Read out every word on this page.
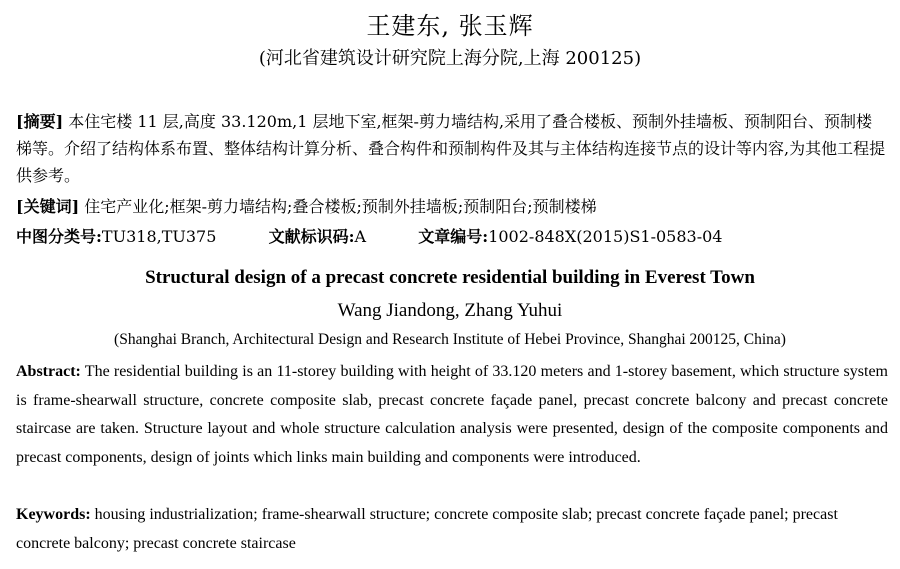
王建东, 张玉辉
(河北省建筑设计研究院上海分院,上海 200125)
[摘要] 本住宅楼 11 层,高度 33.120m,1 层地下室,框架-剪力墙结构,采用了叠合楼板、预制外挂墙板、预制阳台、预制楼梯等。介绍了结构体系布置、整体结构计算分析、叠合构件和预制构件及其与主体结构连接节点的设计等内容,为其他工程提供参考。
[关键词] 住宅产业化;框架-剪力墙结构;叠合楼板;预制外挂墙板;预制阳台;预制楼梯
中图分类号:TU318,TU375	文献标识码:A	文章编号:1002-848X(2015)S1-0583-04
Structural design of a precast concrete residential building in Everest Town
Wang Jiandong, Zhang Yuhui
(Shanghai Branch, Architectural Design and Research Institute of Hebei Province, Shanghai 200125, China)
Abstract: The residential building is an 11-storey building with height of 33.120 meters and 1-storey basement, which structure system is frame-shearwall structure, concrete composite slab, precast concrete façade panel, precast concrete balcony and precast concrete staircase are taken. Structure layout and whole structure calculation analysis were presented, design of the composite components and precast components, design of joints which links main building and components were introduced.
Keywords: housing industrialization; frame-shearwall structure; concrete composite slab; precast concrete façade panel; precast concrete balcony; precast concrete staircase
